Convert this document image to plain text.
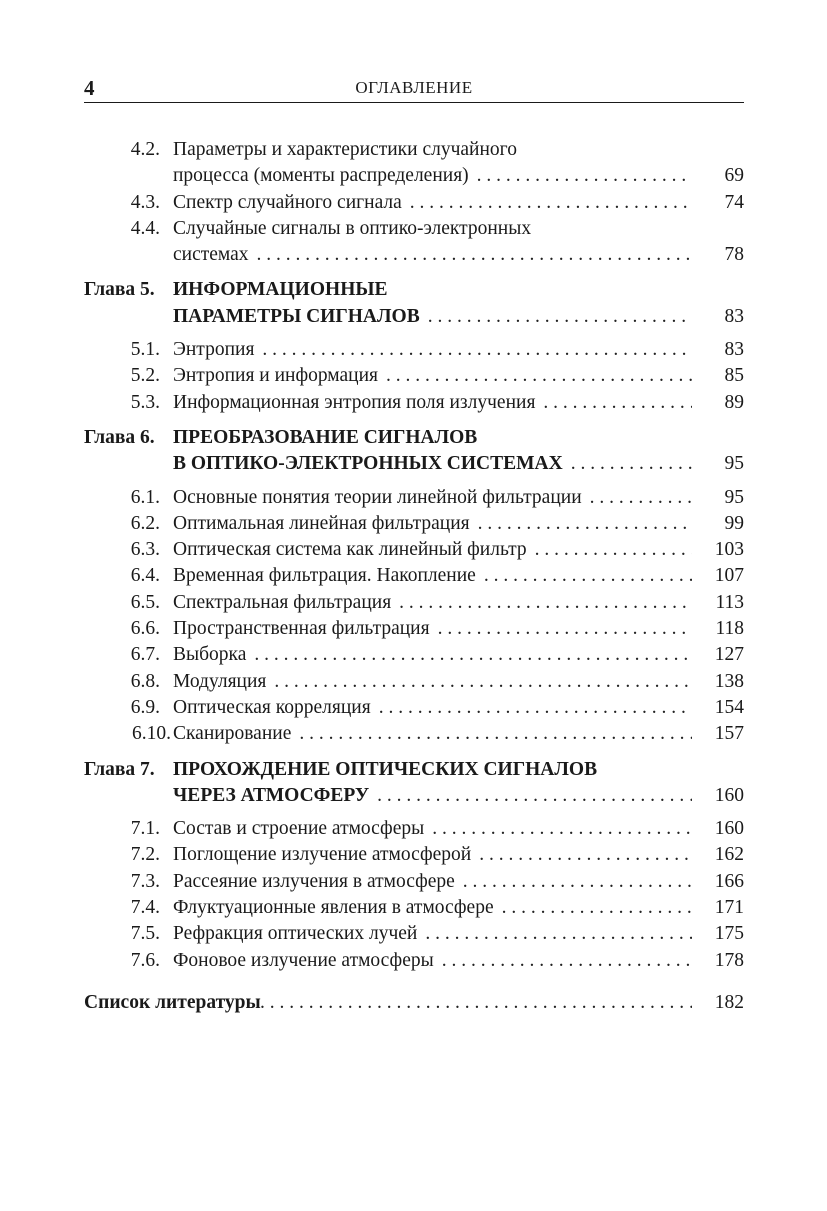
4	ОГЛАВЛЕНИЕ
4.2. Параметры и характеристики случайного
процесса (моменты распределения) . . .	69
4.3. Спектр случайного сигнала . . .	74
4.4. Случайные сигналы в оптико-электронных
системах . . .	78
Глава 5. ИНФОРМАЦИОННЫЕ
ПАРАМЕТРЫ СИГНАЛОВ . . .	83
5.1. Энтропия . . .	83
5.2. Энтропия и информация . . .	85
5.3. Информационная энтропия поля излучения . . .	89
Глава 6. ПРЕОБРАЗОВАНИЕ СИГНАЛОВ
В ОПТИКО-ЭЛЕКТРОННЫХ СИСТЕМАХ . . .	95
6.1. Основные понятия теории линейной фильтрации . . .	95
6.2. Оптимальная линейная фильтрация . . .	99
6.3. Оптическая система как линейный фильтр . . .	103
6.4. Временная фильтрация. Накопление . . .	107
6.5. Спектральная фильтрация . . .	113
6.6. Пространственная фильтрация . . .	118
6.7. Выборка . . .	127
6.8. Модуляция . . .	138
6.9. Оптическая корреляция . . .	154
6.10. Сканирование . . .	157
Глава 7. ПРОХОЖДЕНИЕ ОПТИЧЕСКИХ СИГНАЛОВ
ЧЕРЕЗ АТМОСФЕРУ . . .	160
7.1. Состав и строение атмосферы . . .	160
7.2. Поглощение излучение атмосферой . . .	162
7.3. Рассеяние излучения в атмосфере . . .	166
7.4. Флуктуационные явления в атмосфере . . .	171
7.5. Рефракция оптических лучей . . .	175
7.6. Фоновое излучение атмосферы . . .	178
Список литературы . . .	182
